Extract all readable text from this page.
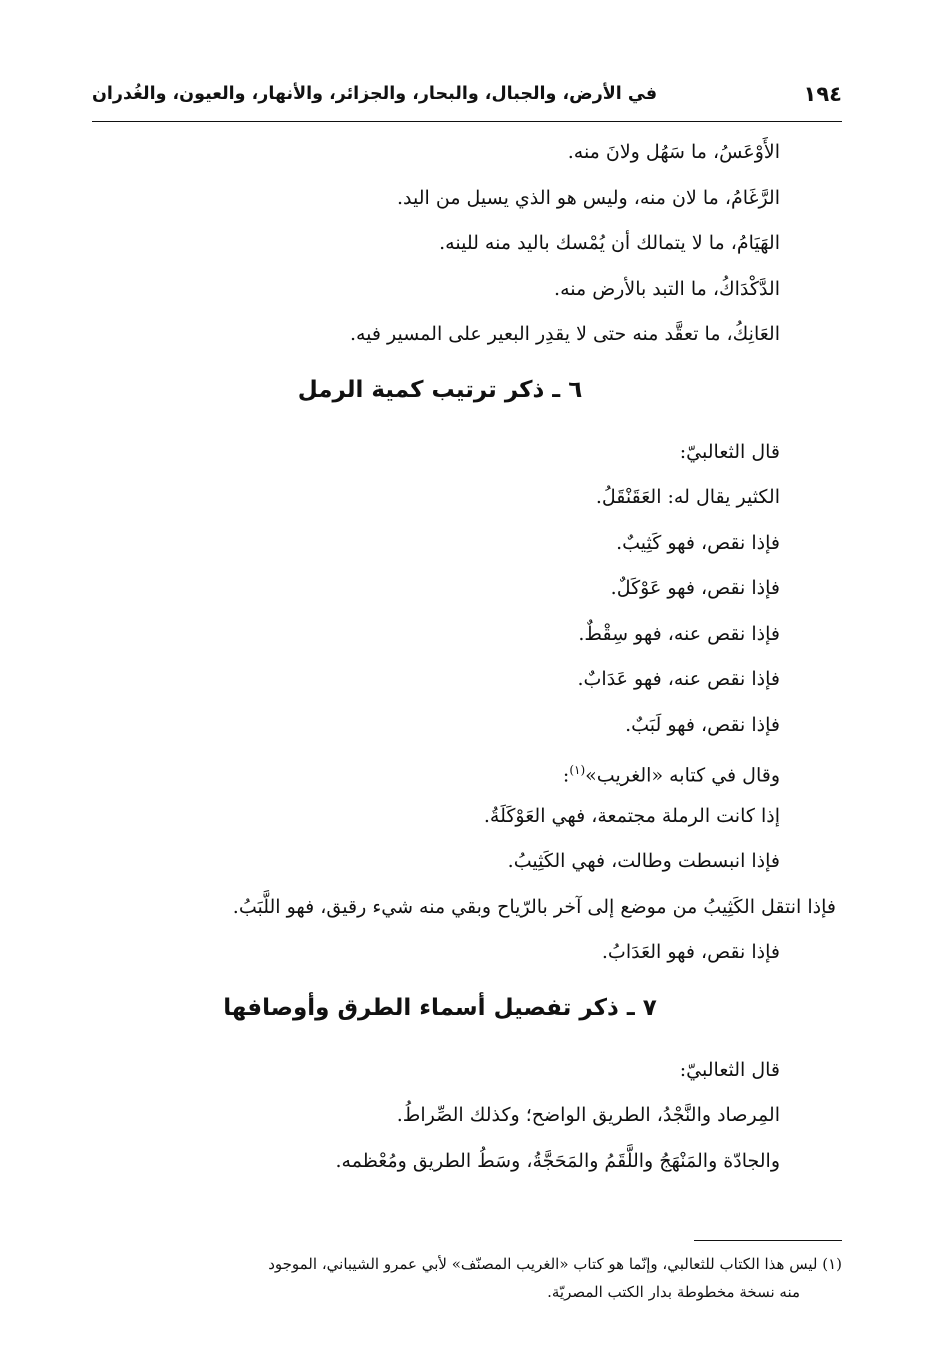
١٩٤
في الأرض، والجبال، والبحار، والجزائر، والأنهار، والعيون، والغُدران
الأَوْعَسُ، ما سَهُل ولانَ منه.
الرَّغَامُ، ما لان منه، وليس هو الذي يسيل من اليد.
الهَيَامُ، ما لا يتمالك أن يُمْسك باليد منه للينه.
الدَّكْدَاكُ، ما التبد بالأرض منه.
العَانِكُ، ما تعقَّد منه حتى لا يقدِر البعير على المسير فيه.
٦ ـ ذكر ترتيب كمية الرمل
قال الثعالبيّ:
الكثير يقال له: العَقَنْقَلُ.
فإذا نقص، فهو كَثِيبٌ.
فإذا نقص، فهو عَوْكَلٌ.
فإذا نقص عنه، فهو سِقْطٌ.
فإذا نقص عنه، فهو عَدَابٌ.
فإذا نقص، فهو لَبَبٌ.
وقال في كتابه «الغريب»$^{(١)}$:
إذا كانت الرملة مجتمعة، فهي العَوْكَلَةُ.
فإذا انبسطت وطالت، فهي الكَثِيبُ.
فإذا انتقل الكَثِيبُ من موضع إلى آخر بالرّياح وبقي منه شيء رقيق، فهو اللَّبَبُ.
فإذا نقص، فهو العَدَابُ.
٧ ـ ذكر تفصيل أسماء الطرق وأوصافها
قال الثعالبيّ:
المِرصاد والنَّجْدُ، الطريق الواضح؛ وكذلك الصِّراطُ.
والجادّة والمَنْهَجُ واللَّقَمُ والمَحَجَّةُ، وسَطُ الطريق ومُعْظمه.
(١) ليس هذا الكتاب للثعالبي، وإنّما هو كتاب «الغريب المصنّف» لأبي عمرو الشيباني، الموجود
منه نسخة مخطوطة بدار الكتب المصريّة.
